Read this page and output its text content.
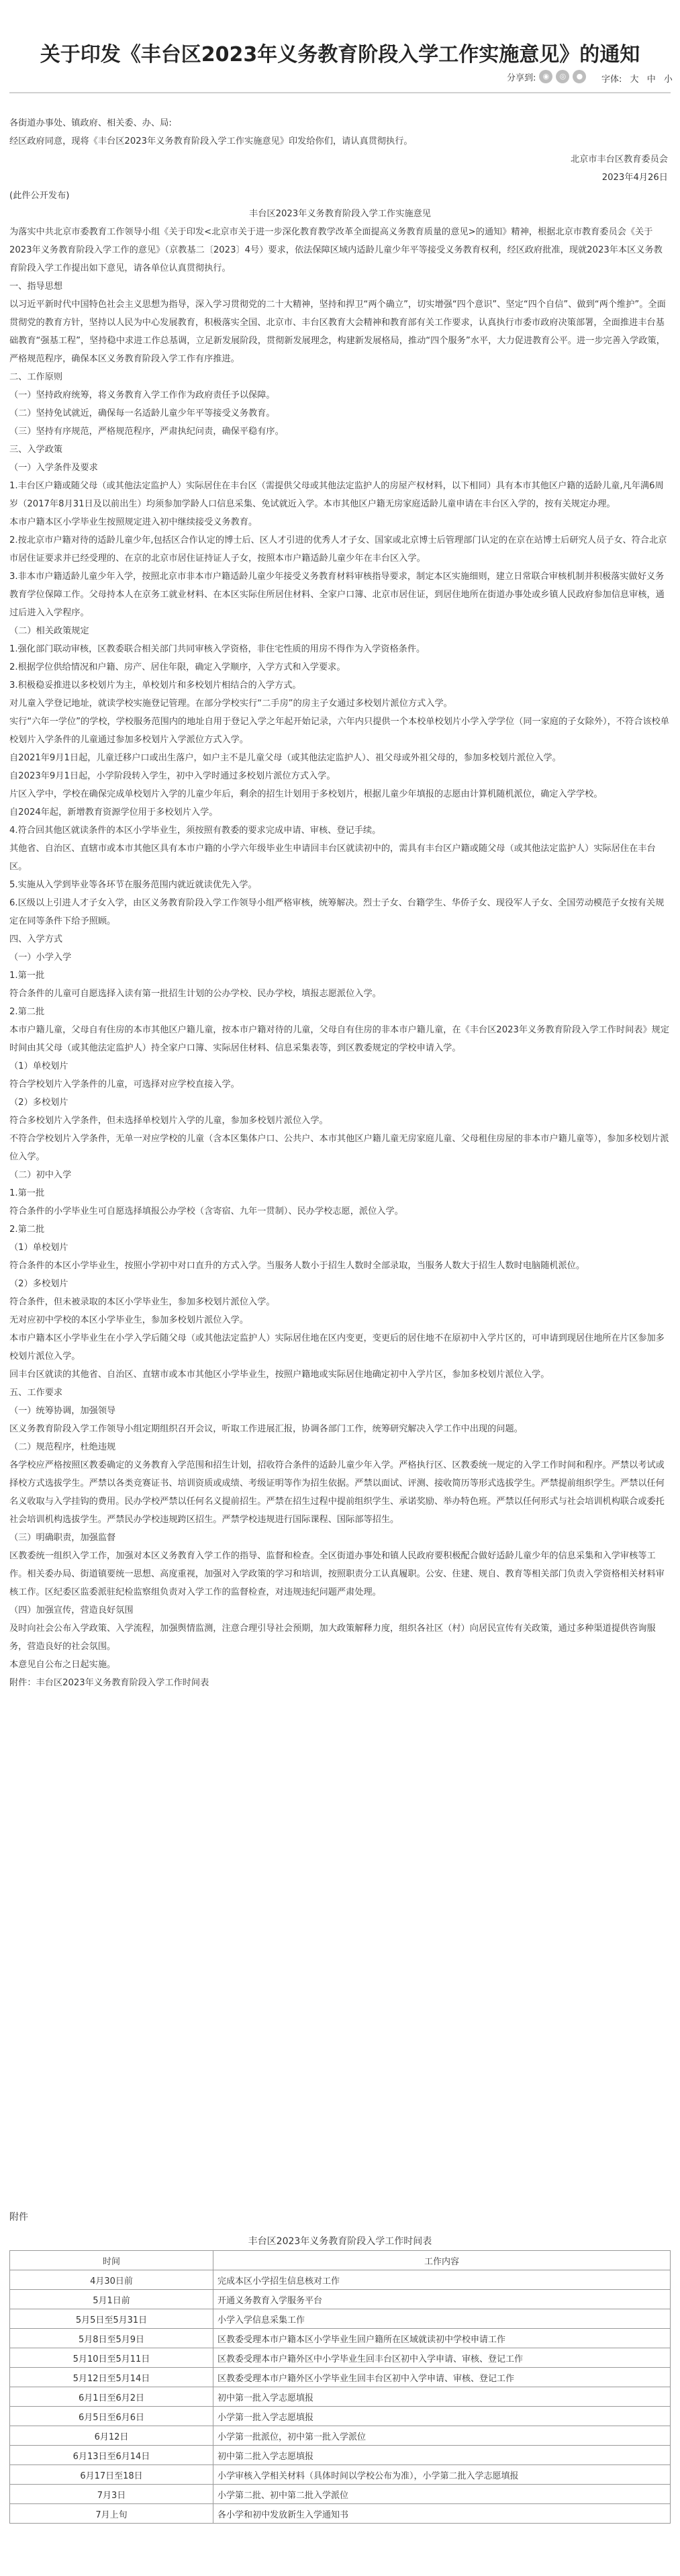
关于印发《丰台区2023年义务教育阶段入学工作实施意见》的通知
分享到: ◉	◎	●	字体: 大 中 小

各街道办事处、镇政府、相关委、办、局:

经区政府同意，现将《丰台区2023年义务教育阶段入学工作实施意见》印发给你们，请认真贯彻执行。

北京市丰台区教育委员会

2023年4月26日

(此件公开发布)

丰台区2023年义务教育阶段入学工作实施意见

为落实中共北京市委教育工作领导小组《关于印发<北京市关于进一步深化教育教学改革全面提高义务教育质量的意见>的通知》精神，根据北京市教育委员会《关于2023年义务教育阶段入学工作的意见》（京教基二〔2023〕4号）要求，依法保障区域内适龄儿童少年平等接受义务教育权利，经区政府批准，现就2023年本区义务教育阶段入学工作提出如下意见，请各单位认真贯彻执行。

一、指导思想

以习近平新时代中国特色社会主义思想为指导，深入学习贯彻党的二十大精神，坚持和捍卫“两个确立”，切实增强“四个意识”、坚定“四个自信”、做到“两个维护”。全面贯彻党的教育方针，坚持以人民为中心发展教育，积极落实全国、北京市、丰台区教育大会精神和教育部有关工作要求，认真执行市委市政府决策部署，全面推进丰台基础教育“强基工程”，坚持稳中求进工作总基调，立足新发展阶段，贯彻新发展理念，构建新发展格局，推动“四个服务”水平，大力促进教育公平。进一步完善入学政策，严格规范程序，确保本区义务教育阶段入学工作有序推进。

二、工作原则

（一）坚持政府统筹，将义务教育入学工作作为政府责任予以保障。

（二）坚持免试就近，确保每一名适龄儿童少年平等接受义务教育。

（三）坚持有序规范，严格规范程序，严肃执纪问责，确保平稳有序。

三、入学政策

（一）入学条件及要求

1.丰台区户籍或随父母（或其他法定监护人）实际居住在丰台区（需提供父母或其他法定监护人的房屋产权材料，以下相同）具有本市其他区户籍的适龄儿童,凡年满6周岁（2017年8月31日及以前出生）均须参加学龄人口信息采集、免试就近入学。本市其他区户籍无房家庭适龄儿童申请在丰台区入学的，按有关规定办理。

本市户籍本区小学毕业生按照规定进入初中继续接受义务教育。

2.按北京市户籍对待的适龄儿童少年,包括区合作认定的博士后、区人才引进的优秀人才子女、国家或北京博士后管理部门认定的在京在站博士后研究人员子女、符合北京市居住证要求并已经受理的、在京的北京市居住证持证人子女，按照本市户籍适龄儿童少年在丰台区入学。

3.非本市户籍适龄儿童少年入学，按照北京市非本市户籍适龄儿童少年接受义务教育材料审核指导要求，制定本区实施细则，建立日常联合审核机制并积极落实做好义务教育学位保障工作。父母持本人在京务工就业材料、在本区实际住所居住材料、全家户口簿、北京市居住证，到居住地所在街道办事处或乡镇人民政府参加信息审核，通过后进入入学程序。

（二）相关政策规定

1.强化部门联动审核，区教委联合相关部门共同审核入学资格，非住宅性质的用房不得作为入学资格条件。

2.根据学位供给情况和户籍、房产、居住年限，确定入学顺序，入学方式和入学要求。

3.积极稳妥推进以多校划片为主，单校划片和多校划片相结合的入学方式。

对儿童入学登记地址，就读学校实施登记管理。在部分学校实行“二手房”的房主子女通过多校划片派位方式入学。

实行“六年一学位”的学校，学校服务范围内的地址自用于登记入学之年起开始记录，六年内只提供一个本校单校划片小学入学学位（同一家庭的子女除外），不符合该校单校划片入学条件的儿童通过参加多校划片入学派位方式入学。

自2021年9月1日起，儿童迁移户口或出生落户，如户主不是儿童父母（或其他法定监护人）、祖父母或外祖父母的，参加多校划片派位入学。

自2023年9月1日起，小学阶段转入学生，初中入学时通过多校划片派位方式入学。

片区入学中，学校在确保完成单校划片入学的儿童少年后，剩余的招生计划用于多校划片，根据儿童少年填报的志愿由计算机随机派位，确定入学学校。

自2024年起，新增教育资源学位用于多校划片入学。

4.符合回其他区就读条件的本区小学毕业生，须按照有教委的要求完成申请、审核、登记手续。

其他省、自治区、直辖市或本市其他区具有本市户籍的小学六年级毕业生申请回丰台区就读初中的，需具有丰台区户籍或随父母（或其他法定监护人）实际居住在丰台区。

5.实施从入学到毕业等各环节在服务范围内就近就读优先入学。

6.区级以上引进人才子女入学，由区义务教育阶段入学工作领导小组严格审核，统筹解决。烈士子女、台籍学生、华侨子女、现役军人子女、全国劳动模范子女按有关规定在同等条件下给予照顾。

四、入学方式

（一）小学入学

1.第一批

符合条件的儿童可自愿选择入读有第一批招生计划的公办学校、民办学校，填报志愿派位入学。

2.第二批

本市户籍儿童，父母自有住房的本市其他区户籍儿童，按本市户籍对待的儿童，父母自有住房的非本市户籍儿童，在《丰台区2023年义务教育阶段入学工作时间表》规定时间由其父母（或其他法定监护人）持全家户口簿、实际居住材料、信息采集表等，到区教委规定的学校申请入学。

（1）单校划片

符合学校划片入学条件的儿童，可选择对应学校直接入学。

（2）多校划片

符合多校划片入学条件，但未选择单校划片入学的儿童，参加多校划片派位入学。

不符合学校划片入学条件，无单一对应学校的儿童（含本区集体户口、公共户、本市其他区户籍儿童无房家庭儿童、父母租住房屋的非本市户籍儿童等），参加多校划片派位入学。

（二）初中入学

1.第一批

符合条件的小学毕业生可自愿选择填报公办学校（含寄宿、九年一贯制）、民办学校志愿，派位入学。

2.第二批

（1）单校划片

符合条件的本区小学毕业生，按照小学初中对口直升的方式入学。当服务人数小于招生人数时全部录取，当服务人数大于招生人数时电脑随机派位。

（2）多校划片

符合条件，但未被录取的本区小学毕业生，参加多校划片派位入学。

无对应初中学校的本区小学毕业生，参加多校划片派位入学。

本市户籍本区小学毕业生在小学入学后随父母（或其他法定监护人）实际居住地在区内变更，变更后的居住地不在原初中入学片区的，可申请到现居住地所在片区参加多校划片派位入学。

回丰台区就读的其他省、自治区、直辖市或本市其他区小学毕业生，按照户籍地或实际居住地确定初中入学片区，参加多校划片派位入学。

五、工作要求

（一）统筹协调，加强领导

区义务教育阶段入学工作领导小组定期组织召开会议，听取工作进展汇报，协调各部门工作，统筹研究解决入学工作中出现的问题。

（二）规范程序，杜绝违规

各学校应严格按照区教委确定的义务教育入学范围和招生计划，招收符合条件的适龄儿童少年入学。严格执行区、区教委统一规定的入学工作时间和程序。严禁以考试或择校方式选拔学生。严禁以各类竞赛证书、培训资质或成绩、考级证明等作为招生依据。严禁以面试、评测、接收简历等形式选拔学生。严禁提前组织学生。严禁以任何名义收取与入学挂钩的费用。民办学校严禁以任何名义提前招生。严禁在招生过程中提前组织学生、承诺奖励、举办特色班。严禁以任何形式与社会培训机构联合或委托社会培训机构选拔学生。严禁民办学校违规跨区招生。严禁学校违规进行国际课程、国际部等招生。

（三）明确职责，加强监督

区教委统一组织入学工作，加强对本区义务教育入学工作的指导、监督和检查。全区街道办事处和镇人民政府要积极配合做好适龄儿童少年的信息采集和入学审核等工作。相关委办局、街道镇要统一思想、高度重视，加强对入学政策的学习和培训，按照职责分工认真履职。公安、住建、规自、教育等相关部门负责入学资格相关材料审核工作。区纪委区监委派驻纪检监察组负责对入学工作的监督检查，对违规违纪问题严肃处理。

（四）加强宣传，营造良好氛围

及时向社会公布入学政策、入学流程，加强舆情监测，注意合理引导社会预期，加大政策解释力度，组织各社区（村）向居民宣传有关政策，通过多种渠道提供咨询服务，营造良好的社会氛围。

本意见自公布之日起实施。

附件：丰台区2023年义务教育阶段入学工作时间表

附件
丰台区2023年义务教育阶段入学工作时间表
时间	工作内容
4月30日前	完成本区小学招生信息核对工作
5月1日前	开通义务教育入学服务平台
5月5日至5月31日	小学入学信息采集工作
5月8日至5月9日	区教委受理本市户籍本区小学毕业生回户籍所在区域就读初中学校申请工作
5月10日至5月11日	区教委受理本市户籍外区中小学毕业生回丰台区初中入学申请、审核、登记工作
5月12日至5月14日	区教委受理本市户籍外区小学毕业生回丰台区初中入学申请、审核、登记工作
6月1日至6月2日	初中第一批入学志愿填报
6月5日至6月6日	小学第一批入学志愿填报
6月12日	小学第一批派位，初中第一批入学派位
6月13日至6月14日	初中第二批入学志愿填报
6月17日至18日	小学审核入学相关材料（具体时间以学校公布为准），小学第二批入学志愿填报
7月3日	小学第二批、初中第二批入学派位
7月上旬	各小学和初中发放新生入学通知书
